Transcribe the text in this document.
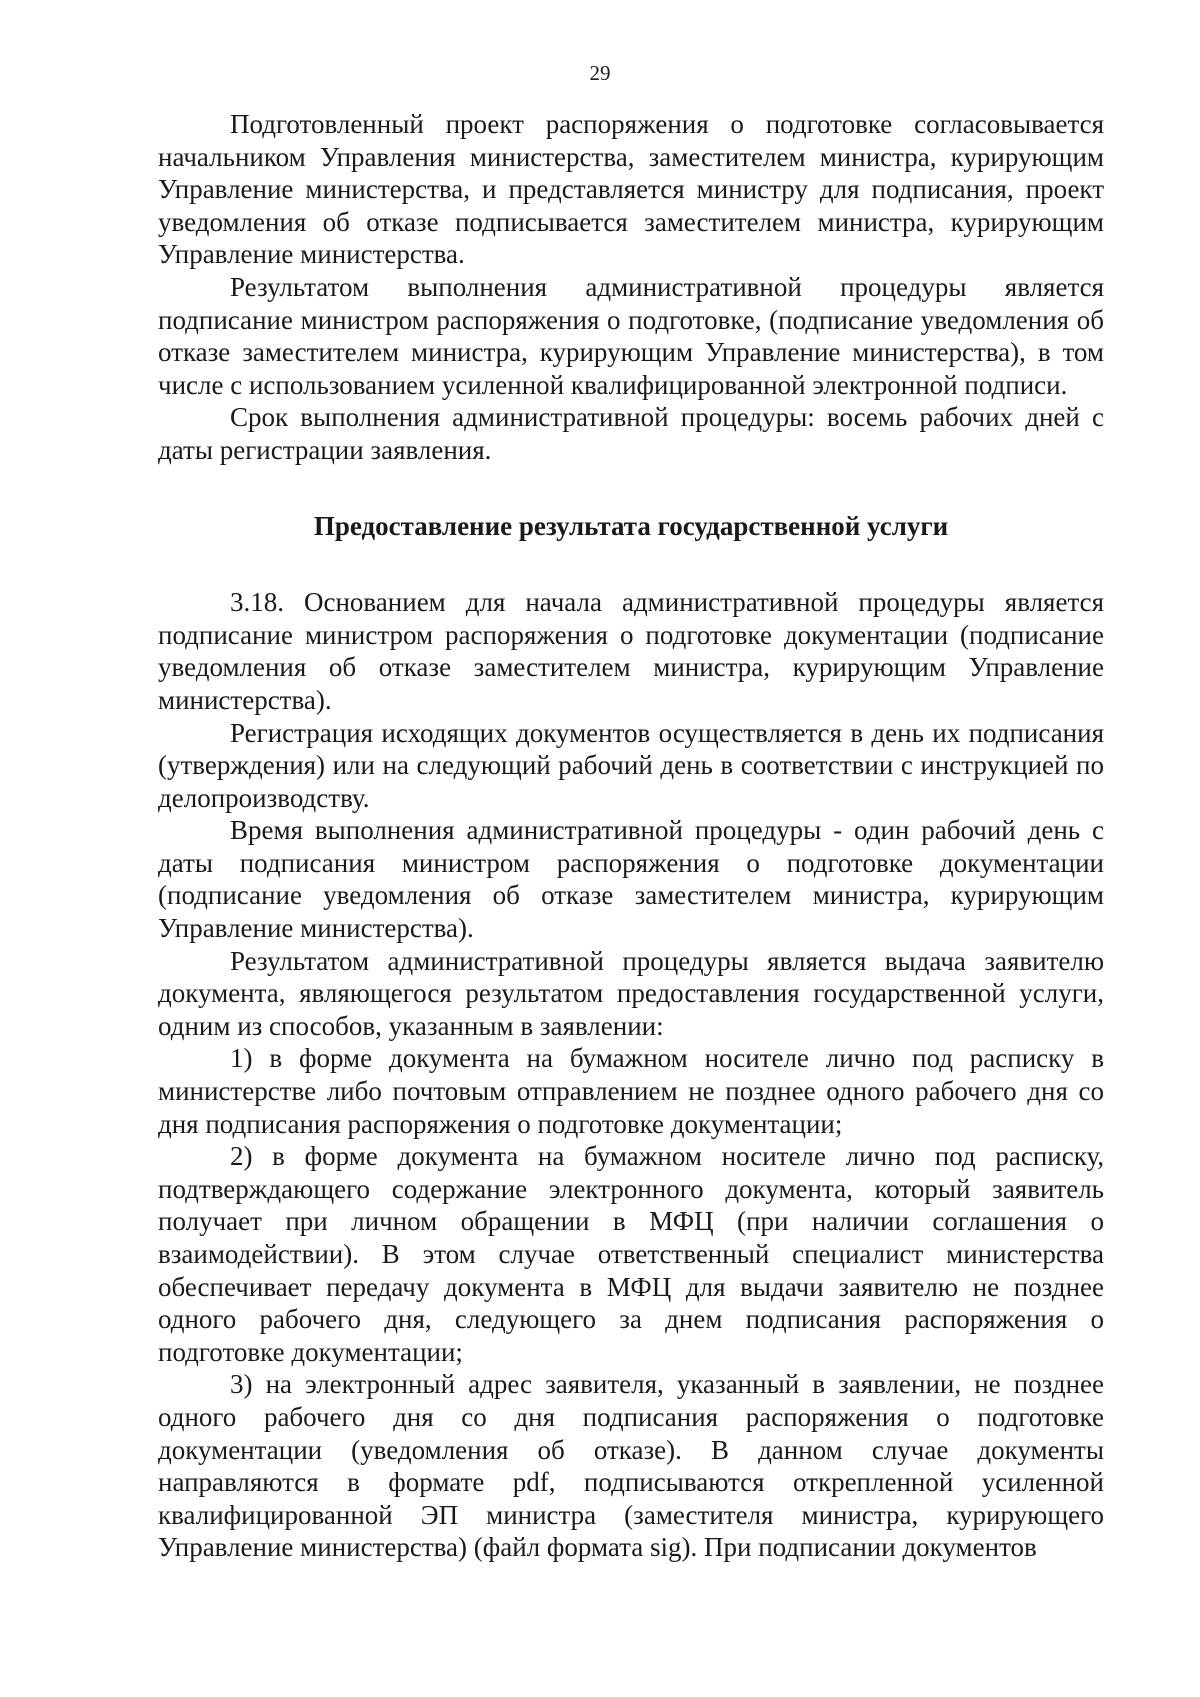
29

Подготовленный проект распоряжения о подготовке согласовывается начальником Управления министерства, заместителем министра, курирующим Управление министерства, и представляется министру для подписания, проект уведомления об отказе подписывается заместителем министра, курирующим Управление министерства.

Результатом выполнения административной процедуры является подписание министром распоряжения о подготовке, (подписание уведомления об отказе заместителем министра, курирующим Управление министерства), в том числе с использованием усиленной квалифицированной электронной подписи.

Срок выполнения административной процедуры: восемь рабочих дней с даты регистрации заявления.

Предоставление результата государственной услуги

3.18. Основанием для начала административной процедуры является подписание министром распоряжения о подготовке документации (подписание уведомления об отказе заместителем министра, курирующим Управление министерства).

Регистрация исходящих документов осуществляется в день их подписания (утверждения) или на следующий рабочий день в соответствии с инструкцией по делопроизводству.

Время выполнения административной процедуры - один рабочий день с даты подписания министром распоряжения о подготовке документации (подписание уведомления об отказе заместителем министра, курирующим Управление министерства).

Результатом административной процедуры является выдача заявителю документа, являющегося результатом предоставления государственной услуги, одним из способов, указанным в заявлении:

1) в форме документа на бумажном носителе лично под расписку в министерстве либо почтовым отправлением не позднее одного рабочего дня со дня подписания распоряжения о подготовке документации;

2) в форме документа на бумажном носителе лично под расписку, подтверждающего содержание электронного документа, который заявитель получает при личном обращении в МФЦ (при наличии соглашения о взаимодействии). В этом случае ответственный специалист министерства обеспечивает передачу документа в МФЦ для выдачи заявителю не позднее одного рабочего дня, следующего за днем подписания распоряжения о подготовке документации;

3) на электронный адрес заявителя, указанный в заявлении, не позднее одного рабочего дня со дня подписания распоряжения о подготовке документации (уведомления об отказе). В данном случае документы направляются в формате pdf, подписываются открепленной усиленной квалифицированной ЭП министра (заместителя министра, курирующего Управление министерства) (файл формата sig). При подписании документов
